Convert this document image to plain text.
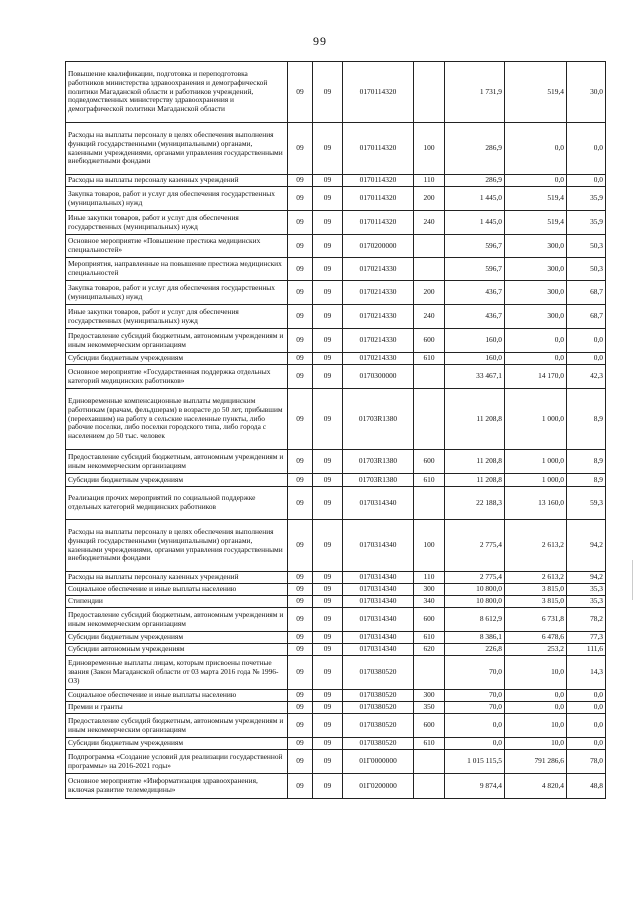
99
Повышение квалификации, подготовка и переподготовка работников министерства здравоохранения и демографической политики Магаданской области и работников учреждений, подведомственных министерству здравоохранения и демографической политики Магаданской области	09	09	0170114320		1 731,9	519,4	30,0
Расходы на выплаты персоналу в целях обеспечения выполнения функций государственными (муниципальными) органами, казенными учреждениями, органами управления государственными внебюджетными фондами	09	09	0170114320	100	286,9	0,0	0,0
Расходы на выплаты персоналу казенных учреждений	09	09	0170114320	110	286,9	0,0	0,0
Закупка товаров, работ и услуг для обеспечения государственных (муниципальных) нужд	09	09	0170114320	200	1 445,0	519,4	35,9
Иные закупки товаров, работ и услуг для обеспечения государственных (муниципальных) нужд	09	09	0170114320	240	1 445,0	519,4	35,9
Основное мероприятие «Повышение престижа медицинских специальностей»	09	09	0170200000		596,7	300,0	50,3
Мероприятия, направленные на повышение престижа медицинских специальностей	09	09	0170214330		596,7	300,0	50,3
Закупка товаров, работ и услуг для обеспечения государственных (муниципальных) нужд	09	09	0170214330	200	436,7	300,0	68,7
Иные закупки товаров, работ и услуг для обеспечения государственных (муниципальных) нужд	09	09	0170214330	240	436,7	300,0	68,7
Предоставление субсидий бюджетным, автономным учреждениям и иным некоммерческим организациям	09	09	0170214330	600	160,0	0,0	0,0
Субсидии бюджетным учреждениям	09	09	0170214330	610	160,0	0,0	0,0
Основное мероприятие «Государственная поддержка отдельных категорий медицинских работников»	09	09	0170300000		33 467,1	14 170,0	42,3
Единовременные компенсационные выплаты медицинским работникам (врачам, фельдшерам) в возрасте до 50 лет, прибывшим (переехавшим) на работу в сельские населенные пункты, либо рабочие поселки, либо поселки городского типа, либо города с населением до 50 тыс. человек	09	09	01703R1380		11 208,8	1 000,0	8,9
Предоставление субсидий бюджетным, автономным учреждениям и иным некоммерческим организациям	09	09	01703R1380	600	11 208,8	1 000,0	8,9
Субсидии бюджетным учреждениям	09	09	01703R1380	610	11 208,8	1 000,0	8,9
Реализация прочих мероприятий по социальной поддержке отдельных категорий медицинских работников	09	09	0170314340		22 188,3	13 160,0	59,3
Расходы на выплаты персоналу в целях обеспечения выполнения функций государственными (муниципальными) органами, казенными учреждениями, органами управления государственными внебюджетными фондами	09	09	0170314340	100	2 775,4	2 613,2	94,2
Расходы на выплаты персоналу казенных учреждений	09	09	0170314340	110	2 775,4	2 613,2	94,2
Социальное обеспечение и иные выплаты населению	09	09	0170314340	300	10 800,0	3 815,0	35,3
Стипендии	09	09	0170314340	340	10 800,0	3 815,0	35,3
Предоставление субсидий бюджетным, автономным учреждениям и иным некоммерческим организациям	09	09	0170314340	600	8 612,9	6 731,8	78,2
Субсидии бюджетным учреждениям	09	09	0170314340	610	8 386,1	6 478,6	77,3
Субсидии автономным учреждениям	09	09	0170314340	620	226,8	253,2	111,6
Единовременные выплаты лицам, которым присвоены почетные звания (Закон Магаданской области от 03 марта 2016 года № 1996-ОЗ)	09	09	0170380520		70,0	10,0	14,3
Социальное обеспечение и иные выплаты населению	09	09	0170380520	300	70,0	0,0	0,0
Премии и гранты	09	09	0170380520	350	70,0	0,0	0,0
Предоставление субсидий бюджетным, автономным учреждениям и иным некоммерческим организациям	09	09	0170380520	600	0,0	10,0	0,0
Субсидии бюджетным учреждениям	09	09	0170380520	610	0,0	10,0	0,0
Подпрограмма «Создание условий для реализации государственной программы» на 2016-2021 годы»	09	09	01Г0000000		1 015 115,5	791 286,6	78,0
Основное мероприятие «Информатизация здравоохранения, включая развитие телемедицины»	09	09	01Г0200000		9 874,4	4 820,4	48,8
